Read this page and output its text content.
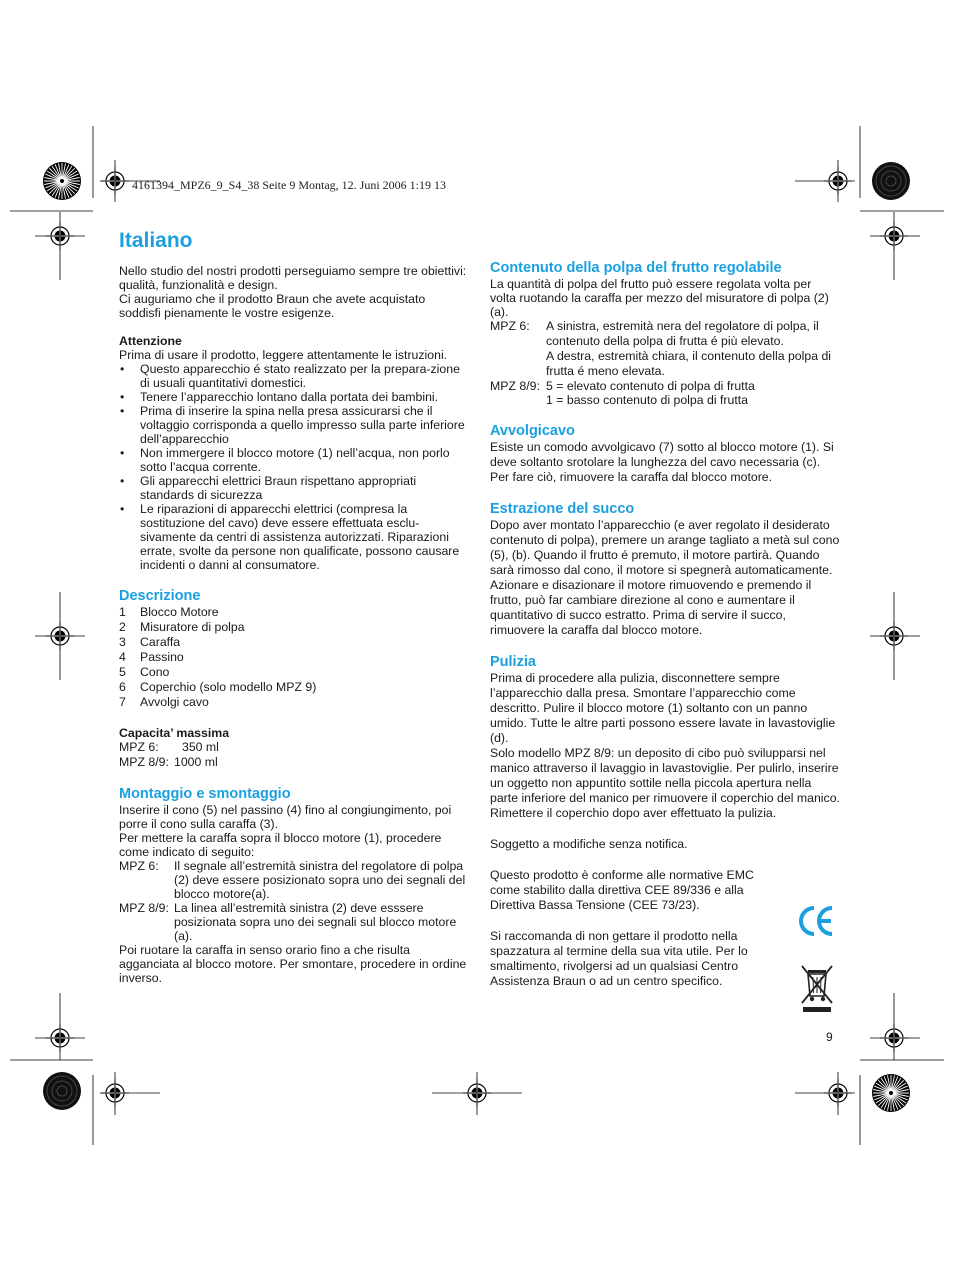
4161394_MPZ6_9_S4_38 Seite 9 Montag, 12. Juni 2006 1:19 13
Italiano

Nello studio del nostri prodotti perseguiamo sempre tre obiettivi: qualità, funzionalità e design.

Ci auguriamo che il prodotto Braun che avete acquistato soddisfi pienamente le vostre esigenze.

Attenzione

Prima di usare il prodotto, leggere attentamente le istruzioni.

• Questo apparecchio é stato realizzato per la prepara-zione di usuali quantitativi domestici.
• Tenere l’apparecchio lontano dalla portata dei bambini.
• Prima di inserire la spina nella presa assicurarsi che il voltaggio corrisponda a quello impresso sulla parte inferiore dell’apparecchio
• Non immergere il blocco motore (1) nell’acqua, non porlo sotto l’acqua corrente.
• Gli apparecchi elettrici Braun rispettano appropriati standards di sicurezza
• Le riparazioni di apparecchi elettrici (compresa la sostituzione del cavo) deve essere effettuata esclu-sivamente da centri di assistenza autorizzati. Riparazioni errate, svolte da persone non qualificate, possono causare incidenti o danni al consumatore.
Descrizione
1	Blocco Motore
2	Misuratore di polpa
3	Caraffa
4	Passino
5	Cono
6	Coperchio (solo modello MPZ 9)
7	Avvolgi cavo
Capacita’ massima
MPZ 6:	350 ml
MPZ 8/9: 1000 ml
Montaggio e smontaggio

Inserire il cono (5) nel passino (4) fino al congiungimento, poi porre il cono sulla caraffa (3).

Per mettere la caraffa sopra il blocco motore (1), procedere come indicato di seguito:

MPZ 6:	Il segnale all’estremità sinistra del regolatore di polpa (2) deve essere posizionato sopra uno dei segnali del blocco motore(a).
MPZ 8/9: La linea all’estremità sinistra (2) deve esssere posizionata sopra uno dei segnali sul blocco motore (a).

Poi ruotare la caraffa in senso orario fino a che risulta agganciata al blocco motore. Per smontare, procedere in ordine inverso.

Contenuto della polpa del frutto regolabile

La quantità di polpa del frutto può essere regolata volta per volta ruotando la caraffa per mezzo del misuratore di polpa (2) (a).

MPZ 6:	A sinistra, estremità nera del regolatore di polpa, il contenuto della polpa di frutta é più elevato.
A destra, estremità chiara, il contenuto della polpa di frutta é meno elevata.
MPZ 8/9: 5 = elevato contenuto di polpa di frutta
1 = basso contenuto di polpa di frutta
Avvolgicavo

Esiste un comodo avvolgicavo (7) sotto al blocco motore (1). Si deve soltanto srotolare la lunghezza del cavo necessaria (c). Per fare ciò, rimuovere la caraffa dal blocco motore.

Estrazione del succo

Dopo aver montato l’apparecchio (e aver regolato il desiderato contenuto di polpa), premere un arange tagliato a metà sul cono (5), (b). Quando il frutto é premuto, il motore partirà. Quando sarà rimosso dal cono, il motore si spegnerà automaticamente. Azionare e disazionare il motore rimuovendo e premendo il frutto, può far cambiare direzione al cono e aumentare il quantitativo di succo estratto. Prima di servire il succo, rimuovere la caraffa dal blocco motore.

Pulizia

Prima di procedere alla pulizia, disconnettere sempre l’apparecchio dalla presa. Smontare l’apparecchio come descritto. Pulire il blocco motore (1) soltanto con un panno umido. Tutte le altre parti possono essere lavate in lavastoviglie (d).

Solo modello MPZ 8/9: un deposito di cibo può svilupparsi nel manico attraverso il lavaggio in lavastoviglie. Per pulirlo, inserire un oggetto non appuntito sottile nella piccola apertura nella parte inferiore del manico per rimuovere il coperchio del manico. Rimettere il coperchio dopo aver effettuato la pulizia.

Soggetto a modifiche senza notifica.

Questo prodotto è conforme alle normative EMC come stabilito dalla direttiva CEE 89/336 e alla Direttiva Bassa Tensione (CEE 73/23).

Si raccomanda di non gettare il prodotto nella spazzatura al termine della sua vita utile. Per lo smaltimento, rivolgersi ad un qualsiasi Centro Assistenza Braun o ad un centro specifico.

9
